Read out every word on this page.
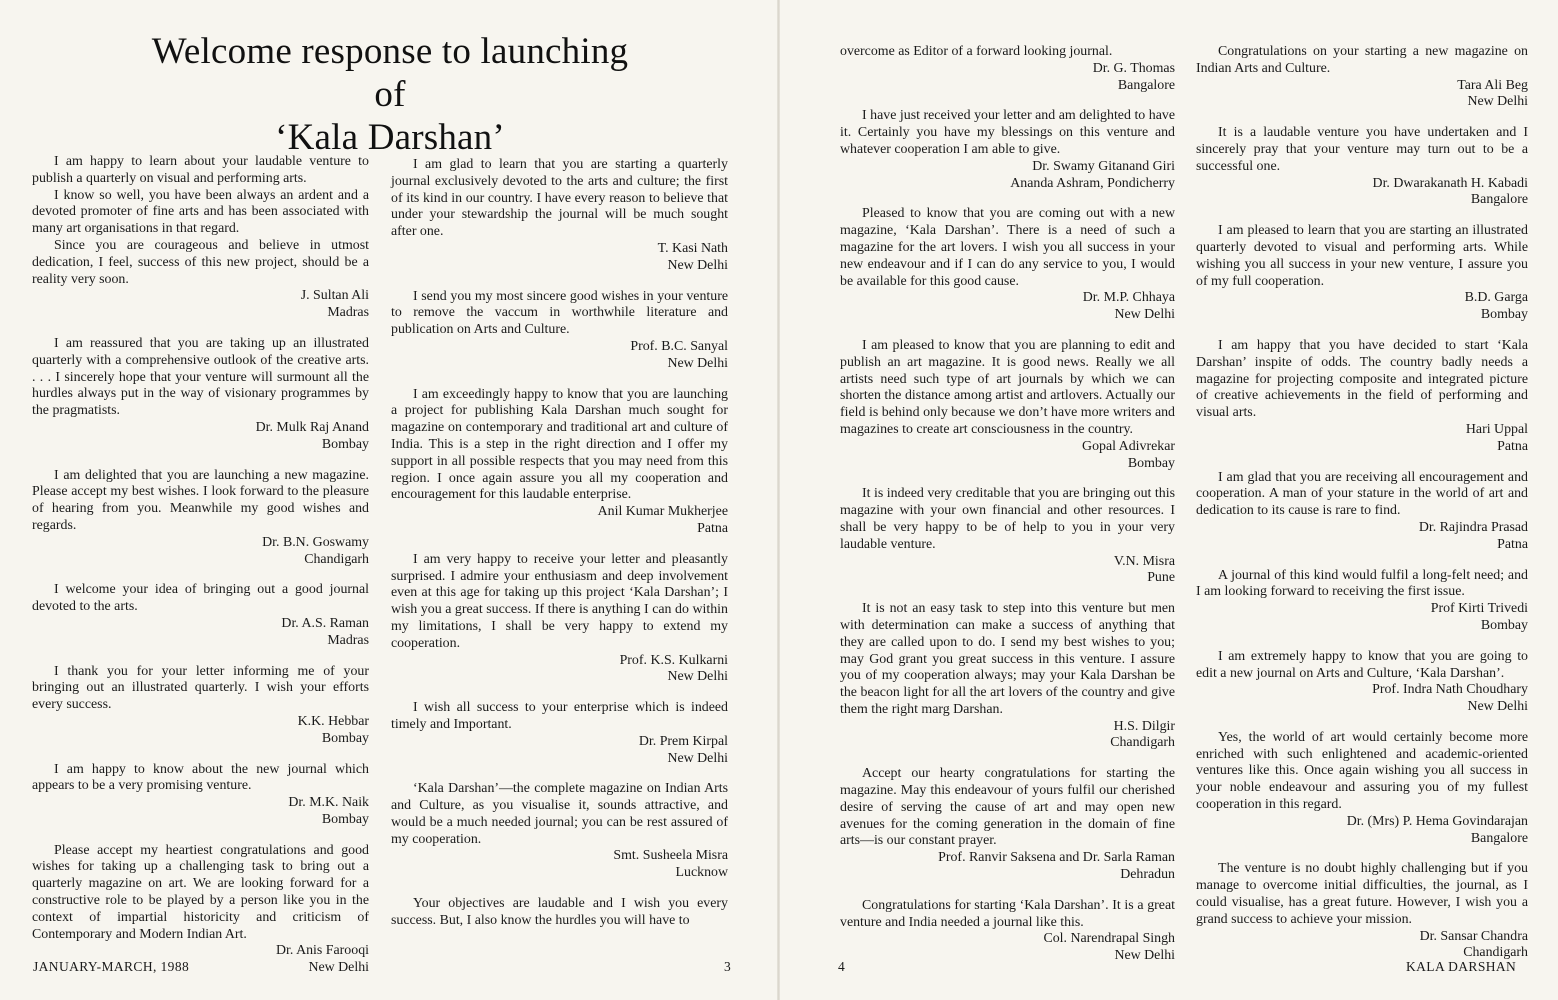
Welcome response to launching
of
‘Kala Darshan’

I am happy to learn about your laudable venture to publish a quarterly on visual and performing arts.

I know so well, you have been always an ardent and a devoted promoter of fine arts and has been associated with many art organisations in that regard.

Since you are courageous and believe in utmost dedication, I feel, success of this new project, should be a reality very soon.

J. Sultan Ali

Madras

I am reassured that you are taking up an illustrated quarterly with a comprehensive outlook of the creative arts. . . . I sincerely hope that your venture will surmount all the hurdles always put in the way of visionary programmes by the pragmatists.

Dr. Mulk Raj Anand

Bombay

I am delighted that you are launching a new magazine. Please accept my best wishes. I look forward to the pleasure of hearing from you. Meanwhile my good wishes and regards.

Dr. B.N. Goswamy

Chandigarh

I welcome your idea of bringing out a good journal devoted to the arts.

Dr. A.S. Raman

Madras

I thank you for your letter informing me of your bringing out an illustrated quarterly. I wish your efforts every success.

K.K. Hebbar

Bombay

I am happy to know about the new journal which appears to be a very promising venture.

Dr. M.K. Naik

Bombay

Please accept my heartiest congratulations and good wishes for taking up a challenging task to bring out a quarterly magazine on art. We are looking forward for a constructive role to be played by a person like you in the context of impartial historicity and criticism of Contemporary and Modern Indian Art.

Dr. Anis Farooqi

New Delhi

I am glad to learn that you are starting a quarterly journal exclusively devoted to the arts and culture; the first of its kind in our country. I have every reason to believe that under your stewardship the journal will be much sought after one.

T. Kasi Nath

New Delhi

I send you my most sincere good wishes in your venture to remove the vaccum in worthwhile literature and publication on Arts and Culture.

Prof. B.C. Sanyal

New Delhi

I am exceedingly happy to know that you are launching a project for publishing Kala Darshan much sought for magazine on contemporary and traditional art and culture of India. This is a step in the right direction and I offer my support in all possible respects that you may need from this region. I once again assure you all my cooperation and encouragement for this laudable enterprise.

Anil Kumar Mukherjee

Patna

I am very happy to receive your letter and pleasantly surprised. I admire your enthusiasm and deep involvement even at this age for taking up this project ‘Kala Darshan’; I wish you a great success. If there is anything I can do within my limitations, I shall be very happy to extend my cooperation.

Prof. K.S. Kulkarni

New Delhi

I wish all success to your enterprise which is indeed timely and Important.

Dr. Prem Kirpal

New Delhi

‘Kala Darshan’—the complete magazine on Indian Arts and Culture, as you visualise it, sounds attractive, and would be a much needed journal; you can be rest assured of my cooperation.

Smt. Susheela Misra

Lucknow

Your objectives are laudable and I wish you every success. But, I also know the hurdles you will have to

overcome as Editor of a forward looking journal.

Dr. G. Thomas

Bangalore

I have just received your letter and am delighted to have it. Certainly you have my blessings on this venture and whatever cooperation I am able to give.

Dr. Swamy Gitanand Giri

Ananda Ashram, Pondicherry

Pleased to know that you are coming out with a new magazine, ‘Kala Darshan’. There is a need of such a magazine for the art lovers. I wish you all success in your new endeavour and if I can do any service to you, I would be available for this good cause.

Dr. M.P. Chhaya

New Delhi

I am pleased to know that you are planning to edit and publish an art magazine. It is good news. Really we all artists need such type of art journals by which we can shorten the distance among artist and artlovers. Actually our field is behind only because we don’t have more writers and magazines to create art consciousness in the country.

Gopal Adivrekar

Bombay

It is indeed very creditable that you are bringing out this magazine with your own financial and other resources. I shall be very happy to be of help to you in your very laudable venture.

V.N. Misra

Pune

It is not an easy task to step into this venture but men with determination can make a success of anything that they are called upon to do. I send my best wishes to you; may God grant you great success in this venture. I assure you of my cooperation always; may your Kala Darshan be the beacon light for all the art lovers of the country and give them the right marg Darshan.

H.S. Dilgir

Chandigarh

Accept our hearty congratulations for starting the magazine. May this endeavour of yours fulfil our cherished desire of serving the cause of art and may open new avenues for the coming generation in the domain of fine arts—is our constant prayer.

Prof. Ranvir Saksena and Dr. Sarla Raman

Dehradun

Congratulations for starting ‘Kala Darshan’. It is a great venture and India needed a journal like this.

Col. Narendrapal Singh

New Delhi

Congratulations on your starting a new magazine on Indian Arts and Culture.

Tara Ali Beg

New Delhi

It is a laudable venture you have undertaken and I sincerely pray that your venture may turn out to be a successful one.

Dr. Dwarakanath H. Kabadi

Bangalore

I am pleased to learn that you are starting an illustrated quarterly devoted to visual and performing arts. While wishing you all success in your new venture, I assure you of my full cooperation.

B.D. Garga

Bombay

I am happy that you have decided to start ‘Kala Darshan’ inspite of odds. The country badly needs a magazine for projecting composite and integrated picture of creative achievements in the field of performing and visual arts.

Hari Uppal

Patna

I am glad that you are receiving all encouragement and cooperation. A man of your stature in the world of art and dedication to its cause is rare to find.

Dr. Rajindra Prasad

Patna

A journal of this kind would fulfil a long-felt need; and I am looking forward to receiving the first issue.

Prof Kirti Trivedi

Bombay

I am extremely happy to know that you are going to edit a new journal on Arts and Culture, ‘Kala Darshan’.

Prof. Indra Nath Choudhary

New Delhi

Yes, the world of art would certainly become more enriched with such enlightened and academic-oriented ventures like this. Once again wishing you all success in your noble endeavour and assuring you of my fullest cooperation in this regard.

Dr. (Mrs) P. Hema Govindarajan

Bangalore

The venture is no doubt highly challenging but if you manage to overcome initial difficulties, the journal, as I could visualise, has a great future. However, I wish you a grand success to achieve your mission.

Dr. Sansar Chandra

Chandigarh

JANUARY-MARCH, 1988	3	4	KALA DARSHAN
